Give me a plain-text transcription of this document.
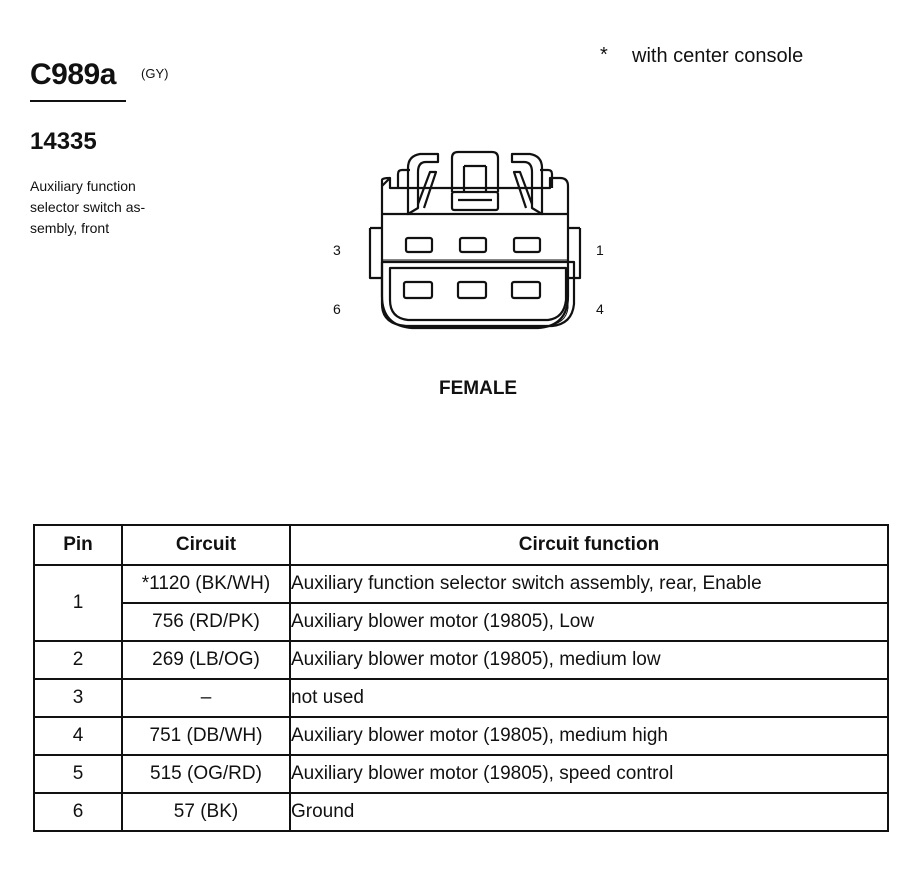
C989a (GY)
14335
Auxiliary function
selector switch as-
sembly, front
* with center console
3	1
6	4
FEMALE
Pin	Circuit	Circuit function
1	*1120 (BK/WH)	Auxiliary function selector switch assembly, rear, Enable
	756 (RD/PK)	Auxiliary blower motor (19805), Low
2	269 (LB/OG)	Auxiliary blower motor (19805), medium low
3	–	not used
4	751 (DB/WH)	Auxiliary blower motor (19805), medium high
5	515 (OG/RD)	Auxiliary blower motor (19805), speed control
6	57 (BK)	Ground
